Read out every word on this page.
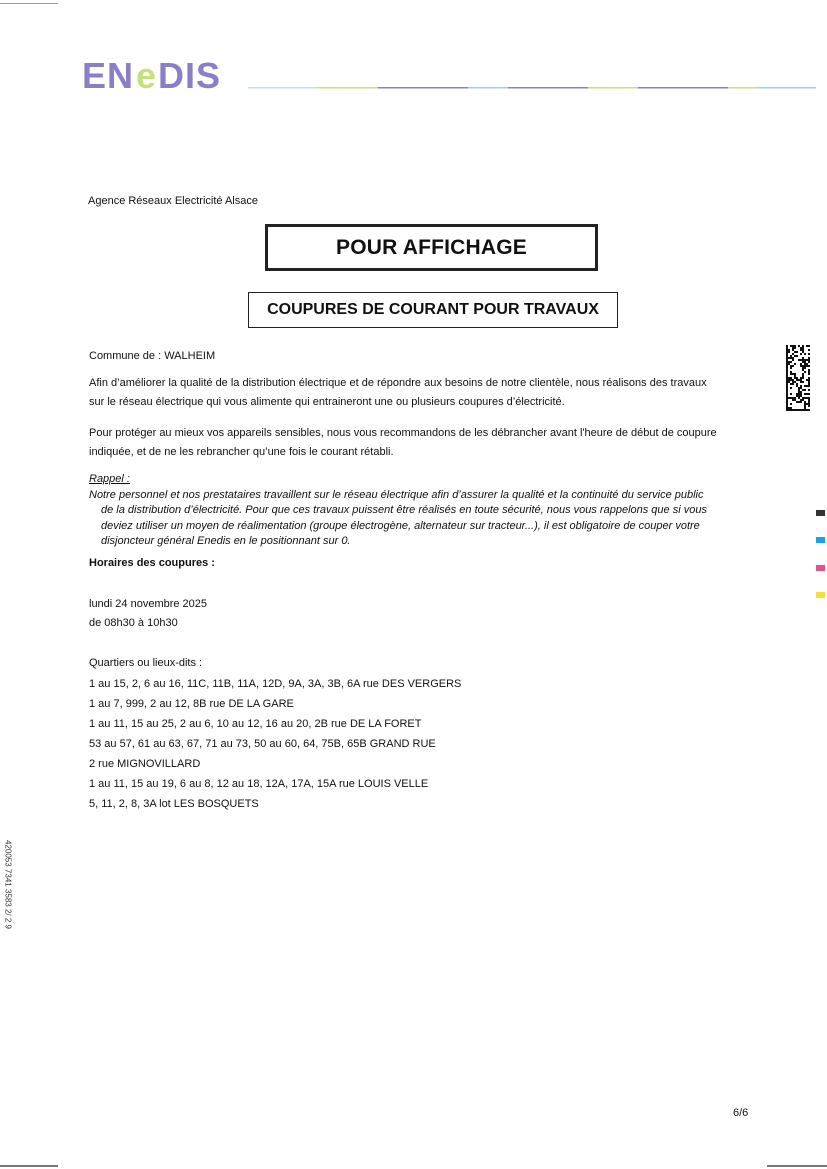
EN e DIS
Agence Réseaux Electricité Alsace
POUR AFFICHAGE
COUPURES DE COURANT POUR TRAVAUX
Commune de : WALHEIM
Afin d’améliorer la qualité de la distribution électrique et de répondre aux besoins de notre clientèle, nous réalisons des travaux
sur le réseau électrique qui vous alimente qui entraineront une ou plusieurs coupures d’électricité.
Pour protéger au mieux vos appareils sensibles, nous vous recommandons de les débrancher avant l'heure de début de coupure
indiquée, et de ne les rebrancher qu’une fois le courant rétabli.
Rappel :
Notre personnel et nos prestataires travaillent sur le réseau électrique afin d’assurer la qualité et la continuité du service public
de la distribution d’électricité. Pour que ces travaux puissent être réalisés en toute sécurité, nous vous rappelons que si vous
deviez utiliser un moyen de réalimentation (groupe électrogène, alternateur sur tracteur...), il est obligatoire de couper votre
disjoncteur général Enedis en le positionnant sur 0.
Horaires des coupures :
lundi 24 novembre 2025
de 08h30 à 10h30
Quartiers ou lieux-dits :
1 au 15, 2, 6 au 16, 11C, 11B, 11A, 12D, 9A, 3A, 3B, 6A rue DES VERGERS
1 au 7, 999, 2 au 12, 8B rue DE LA GARE
1 au 11, 15 au 25, 2 au 6, 10 au 12, 16 au 20, 2B rue DE LA FORET
53 au 57, 61 au 63, 67, 71 au 73, 50 au 60, 64, 75B, 65B GRAND RUE
2 rue MIGNOVILLARD
1 au 11, 15 au 19, 6 au 8, 12 au 18, 12A, 17A, 15A rue LOUIS VELLE
5, 11, 2, 8, 3A lot LES BOSQUETS
420053 7341 3583 2/ 2 9
6/6
